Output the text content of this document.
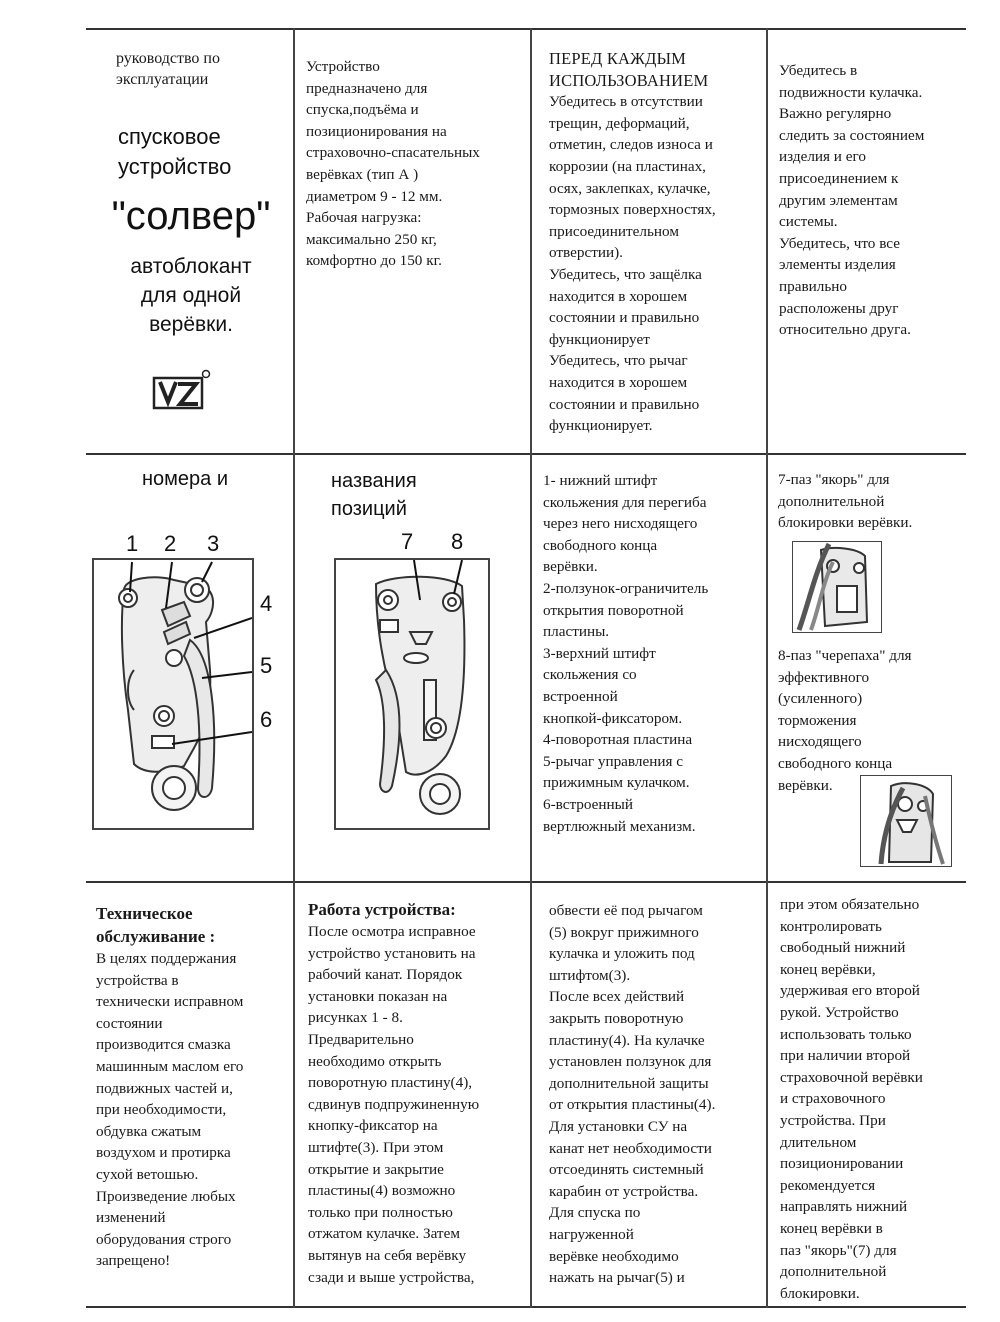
руководство по
эксплуатации

спусковое
устройство

"солвер"

автоблокант
для одной
верёвки.

Устройство
предназначено для
спуска,подъёма и
позиционирования на
страховочно-спасательных
верёвках (тип А )
диаметром 9 - 12 мм.
Рабочая нагрузка:
максимально 250 кг,
комфортно до 150 кг.

ПЕРЕД КАЖДЫМ
ИСПОЛЬЗОВАНИЕМ

Убедитесь в отсутствии
трещин, деформаций,
отметин, следов износа и
коррозии (на пластинах,
осях, заклепках, кулачке,
тормозных поверхностях,
присоединительном
отверстии).
Убедитесь, что защёлка
находится в хорошем
состоянии и правильно
функционирует
Убедитесь, что рычаг
находится в хорошем
состоянии и правильно
функционирует.

Убедитесь в
подвижности кулачка.
Важно регулярно
следить за состоянием
изделия и его
присоединением к
другим элементам
системы.
Убедитесь, что все
элементы изделия
правильно
расположены друг
относительно друга.

номера и

1 2 3
4
5
6

названия
позиций

7 8

1- нижний штифт
скольжения для перегиба
через него нисходящего
свободного конца
верёвки.
2-ползунок-ограничитель
открытия поворотной
пластины.
3-верхний штифт
скольжения со
встроенной
кнопкой-фиксатором.
4-поворотная пластина
5-рычаг управления с
прижимным кулачком.
6-встроенный
вертлюжный механизм.

7-паз "якорь" для
дополнительной
блокировки верёвки.

8-паз "черепаха" для
эффективного
(усиленного)
торможения
нисходящего
свободного конца
верёвки.

Техническое
обслуживание :

В целях поддержания
устройства в
технически исправном
состоянии
производится смазка
машинным маслом его
подвижных частей и,
при необходимости,
обдувка сжатым
воздухом и протирка
сухой ветошью.
Произведение любых
изменений
оборудования строго
запрещено!

Работа устройства:

После осмотра исправное
устройство установить на
рабочий канат. Порядок
установки показан на
рисунках 1 - 8.
Предварительно
необходимо открыть
поворотную пластину(4),
сдвинув подпружиненную
кнопку-фиксатор на
штифте(3). При этом
открытие и закрытие
пластины(4) возможно
только при полностью
отжатом кулачке. Затем
вытянув на себя верёвку
сзади и выше устройства,

обвести её под рычагом
(5) вокруг прижимного
кулачка и уложить под
штифтом(3).
После всех действий
закрыть поворотную
пластину(4). На кулачке
установлен ползунок для
дополнительной защиты
от открытия пластины(4).
Для установки СУ на
канат нет необходимости
отсоединять системный
карабин от устройства.
Для спуска по
нагруженной
верёвке необходимо
нажать на рычаг(5) и

при этом обязательно
контролировать
свободный нижний
конец верёвки,
удерживая его второй
рукой. Устройство
использовать только
при наличии второй
страховочной верёвки
и страховочного
устройства. При
длительном
позиционировании
рекомендуется
направлять нижний
конец верёвки в
паз "якорь"(7) для
дополнительной
блокировки.
